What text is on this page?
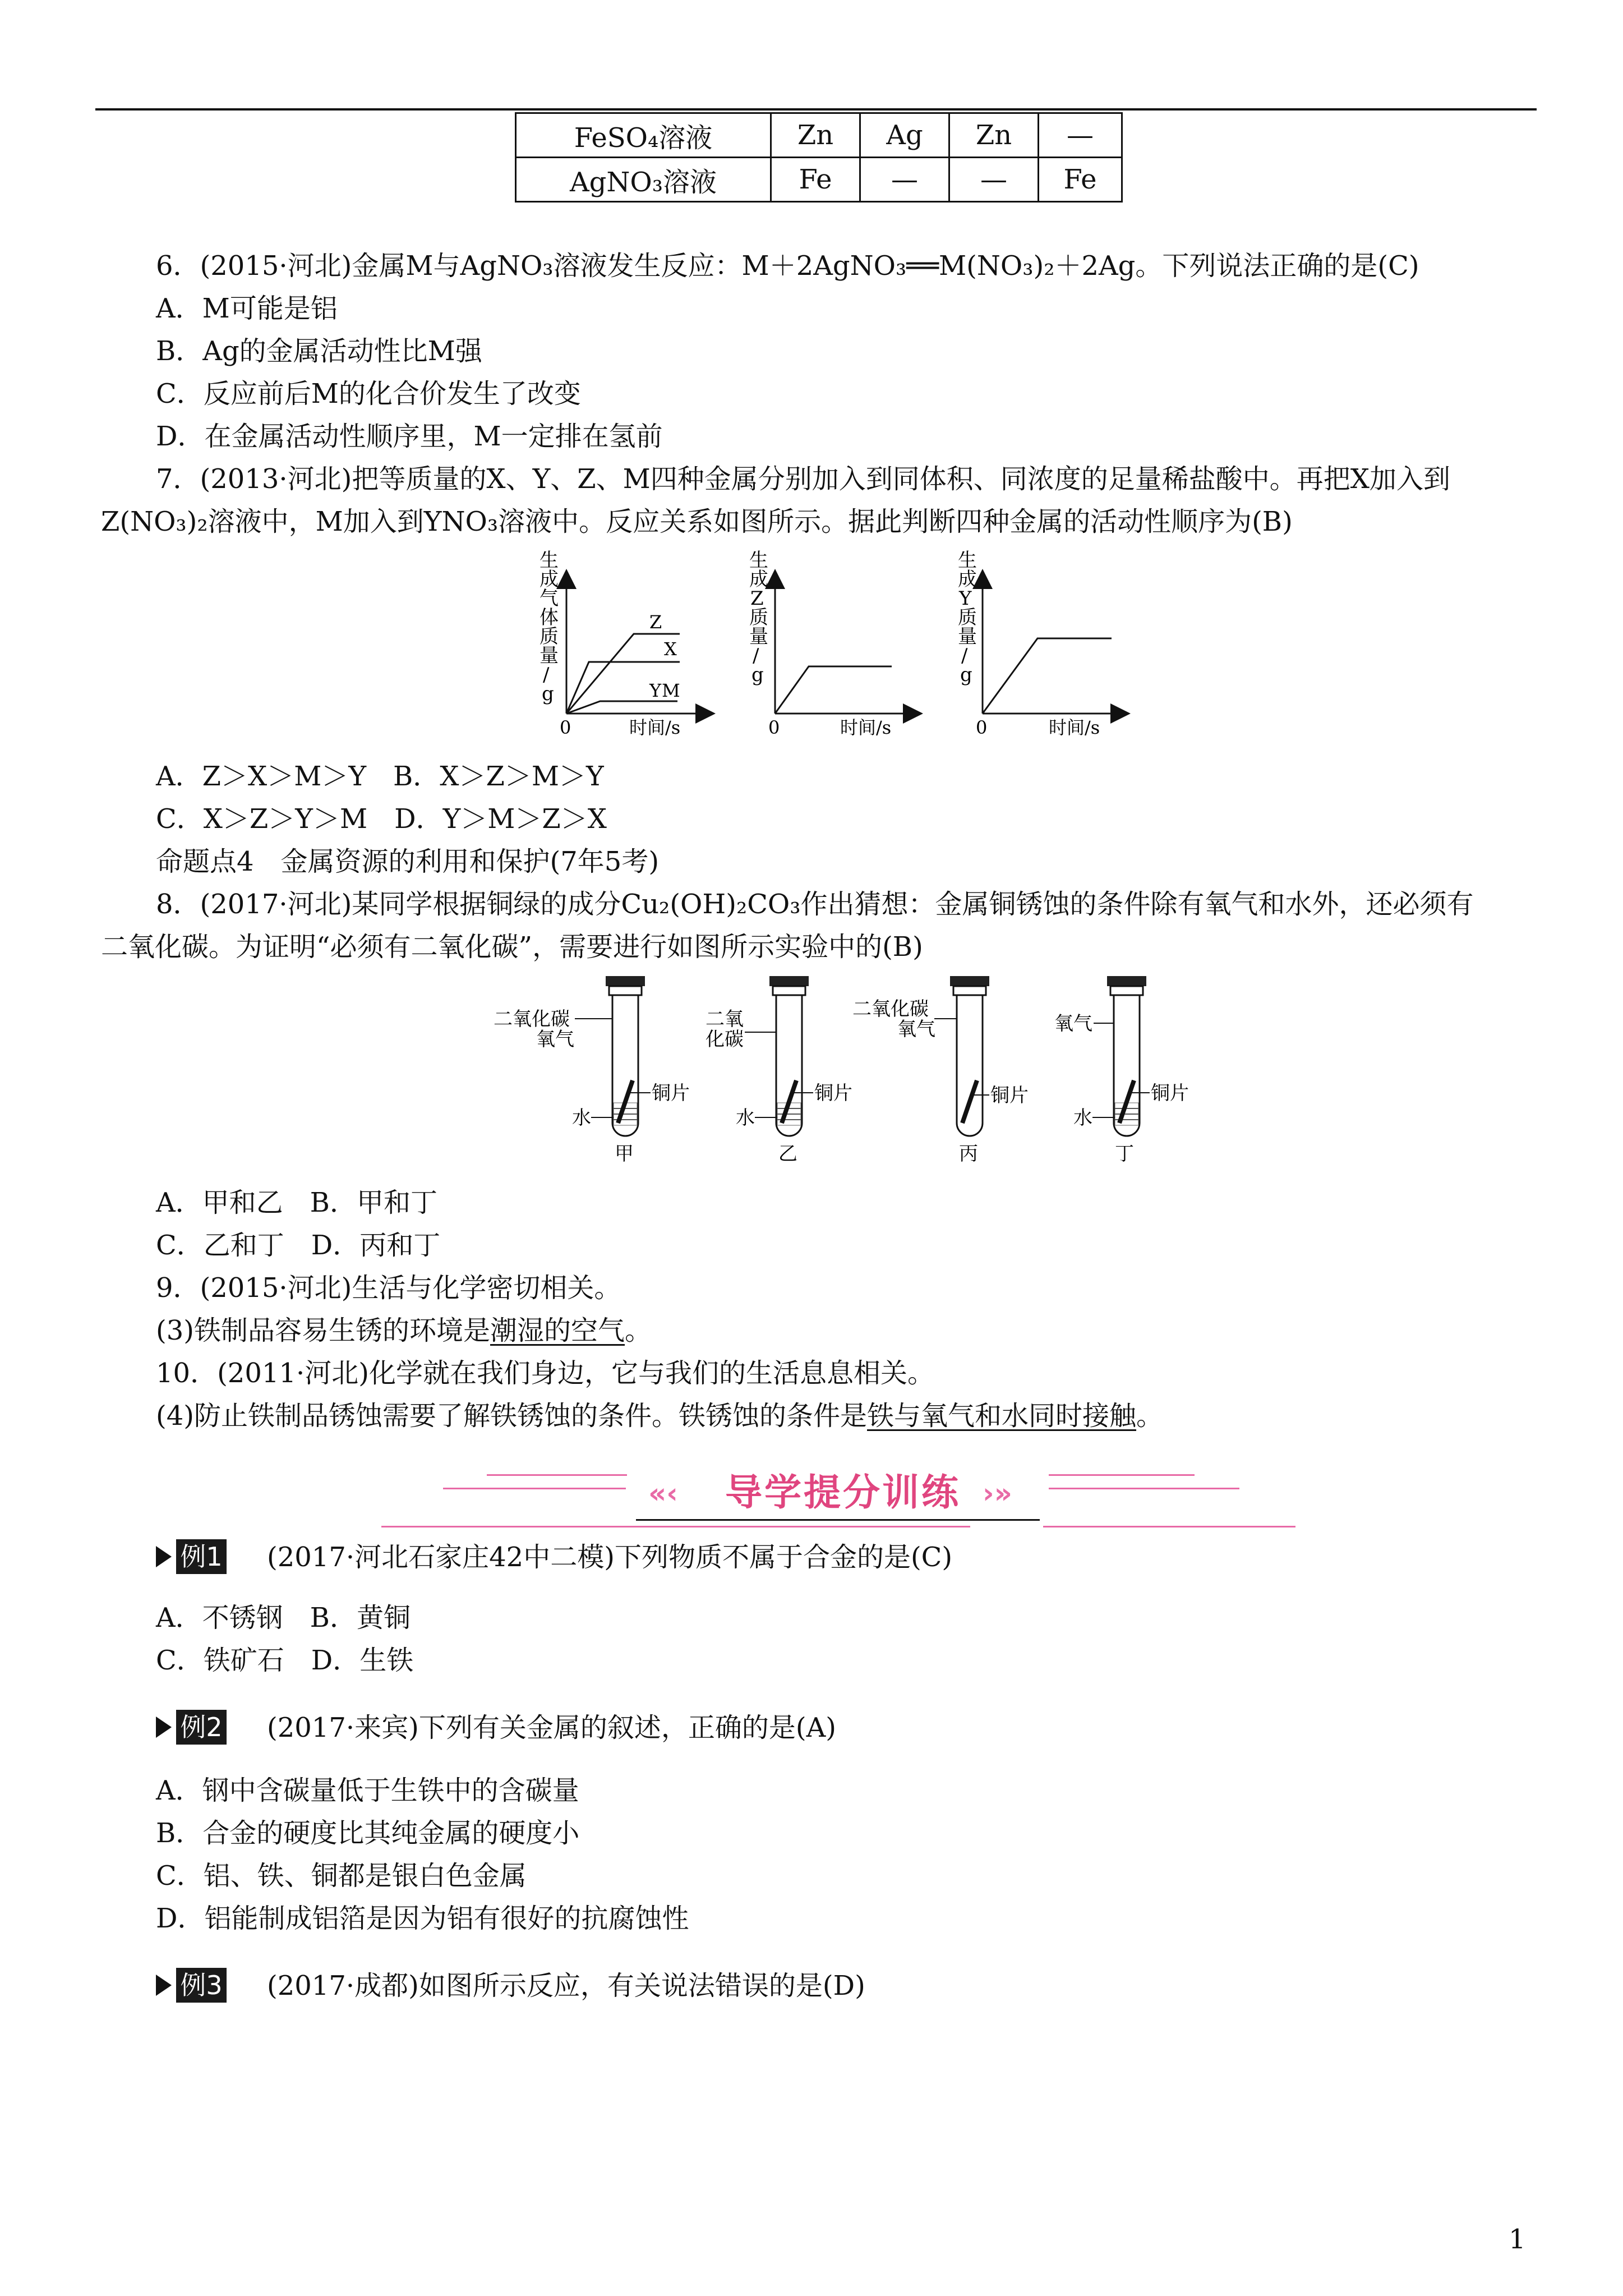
FeSO₄溶液	Zn	Ag	Zn	—
AgNO₃溶液	Fe	—	—	Fe
6．(2015·河北)金属M与AgNO₃溶液发生反应：M＋2AgNO₃══M(NO₃)₂＋2Ag。下列说法正确的是(C)
A．M可能是铝
B．Ag的金属活动性比M强
C．反应前后M的化合价发生了改变
D．在金属活动性顺序里，M一定排在氢前
7．(2013·河北)把等质量的X、Y、Z、M四种金属分别加入到同体积、同浓度的足量稀盐酸中。再把X加入到
Z(NO₃)₂溶液中，M加入到YNO₃溶液中。反应关系如图所示。据此判断四种金属的活动性顺序为(B)
生
成
气
体
质
量
/
g
0	时间/s
Z
X
Y M
生
成
Z
质
量
/
g
0	时间/s
生
成
Y
质
量
/
g
0	时间/s
A．Z＞X＞M＞Y　B．X＞Z＞M＞Y
C．X＞Z＞Y＞M　D．Y＞M＞Z＞X
命题点4　金属资源的利用和保护(7年5考)
8．(2017·河北)某同学根据铜绿的成分Cu₂(OH)₂CO₃作出猜想：金属铜锈蚀的条件除有氧气和水外，还必须有
二氧化碳。为证明“必须有二氧化碳”，需要进行如图所示实验中的(B)
二氧化碳
氧气
铜片
水
甲
二氧
化碳
铜片
水
乙
二氧化碳
氧气
铜片
丙
氧气
铜片
水
丁
A．甲和乙　B．甲和丁
C．乙和丁　D．丙和丁
9．(2015·河北)生活与化学密切相关。
(3)铁制品容易生锈的环境是潮湿的空气。
10．(2011·河北)化学就在我们身边，它与我们的生活息息相关。
(4)防止铁制品锈蚀需要了解铁锈蚀的条件。铁锈蚀的条件是铁与氧气和水同时接触。
«‹ 导学提分训练 ›»
例1 (2017·河北石家庄42中二模)下列物质不属于合金的是(C)
A．不锈钢　B．黄铜
C．铁矿石　D．生铁
例2 (2017·来宾)下列有关金属的叙述，正确的是(A)
A．钢中含碳量低于生铁中的含碳量
B．合金的硬度比其纯金属的硬度小
C．铝、铁、铜都是银白色金属
D．铝能制成铝箔是因为铝有很好的抗腐蚀性
例3 (2017·成都)如图所示反应，有关说法错误的是(D)
1
